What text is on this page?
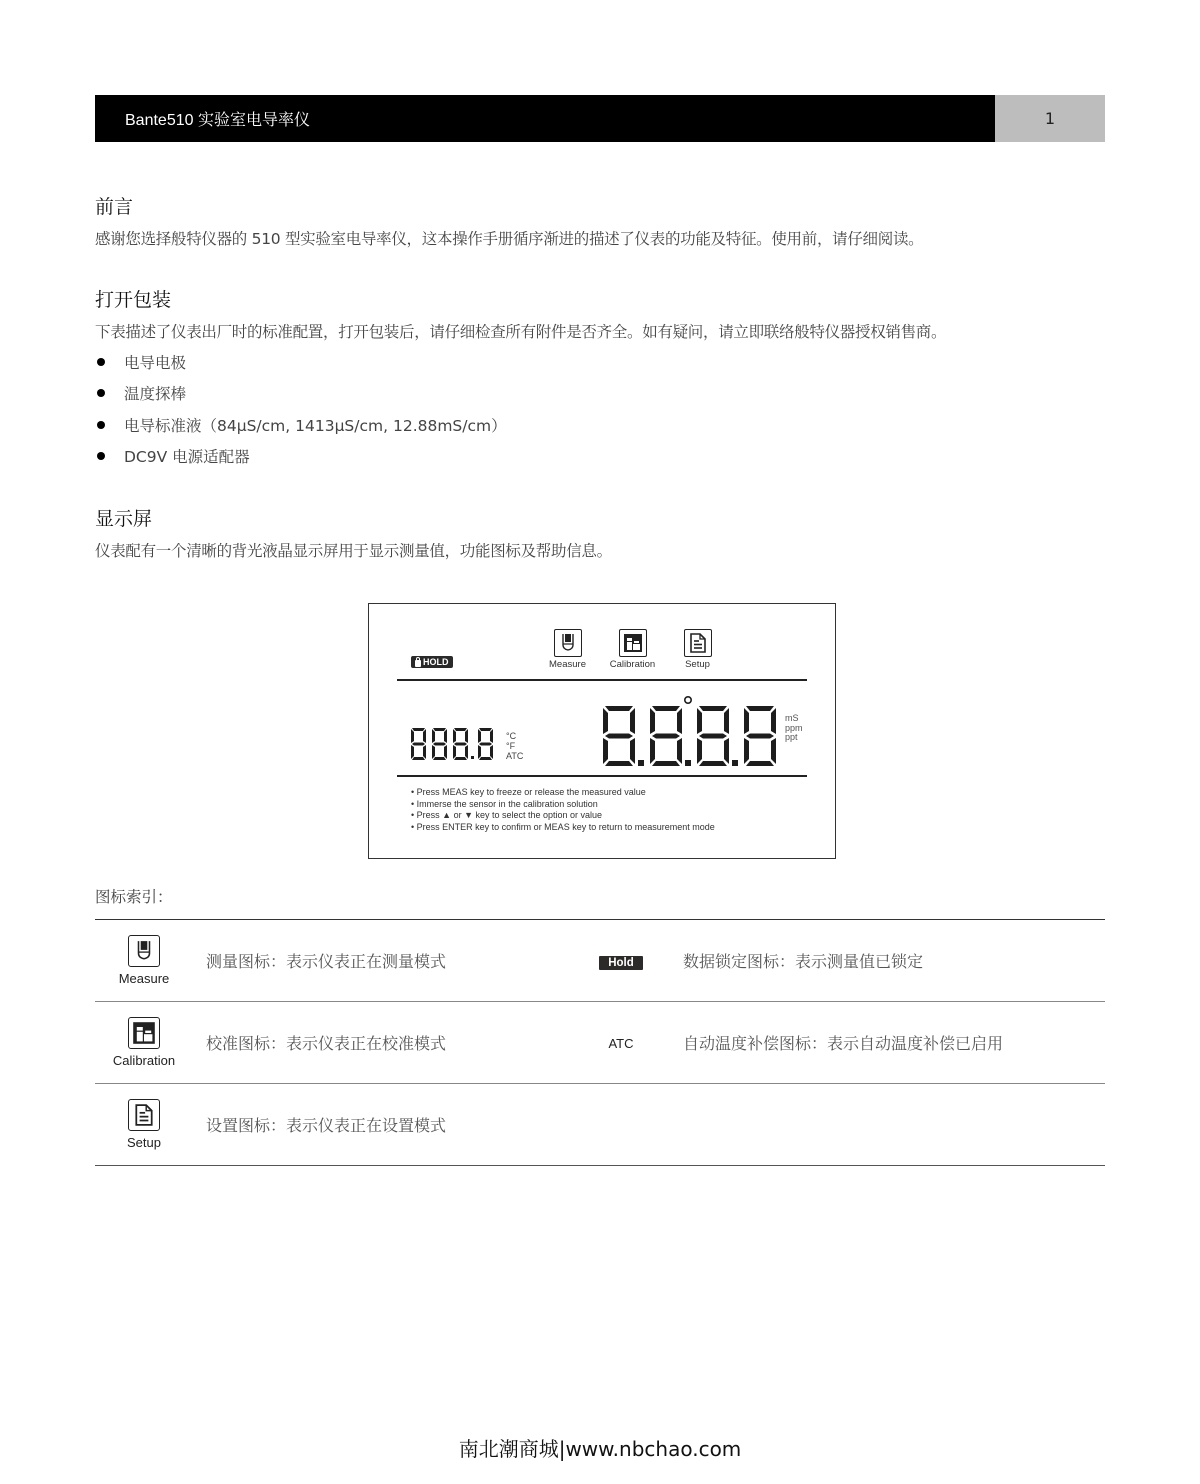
Bante510 实验室电导率仪	1
前言
感谢您选择般特仪器的 510 型实验室电导率仪，这本操作手册循序渐进的描述了仪表的功能及特征。使用前，请仔细阅读。
打开包装
下表描述了仪表出厂时的标准配置，打开包装后，请仔细检查所有附件是否齐全。如有疑问，请立即联络般特仪器授权销售商。
电导电极
温度探棒
电导标准液（84μS/cm, 1413μS/cm, 12.88mS/cm）
DC9V 电源适配器
显示屏
仪表配有一个清晰的背光液晶显示屏用于显示测量值，功能图标及帮助信息。
HOLD	Measure	Calibration	Setup
°C
°F
ATC
mS
ppm
ppt
• Press MEAS key to freeze or release the measured value
• Immerse the sensor in the calibration solution
• Press ▲ or ▼ key to select the option or value
• Press ENTER key to confirm or MEAS key to return to measurement mode
图标索引：
Measure	测量图标：表示仪表正在测量模式	Hold	数据锁定图标：表示测量值已锁定

Calibration	校准图标：表示仪表正在校准模式	ATC	自动温度补偿图标：表示自动温度补偿已启用

Setup	设置图标：表示仪表正在设置模式		
南北潮商城|www.nbchao.com
